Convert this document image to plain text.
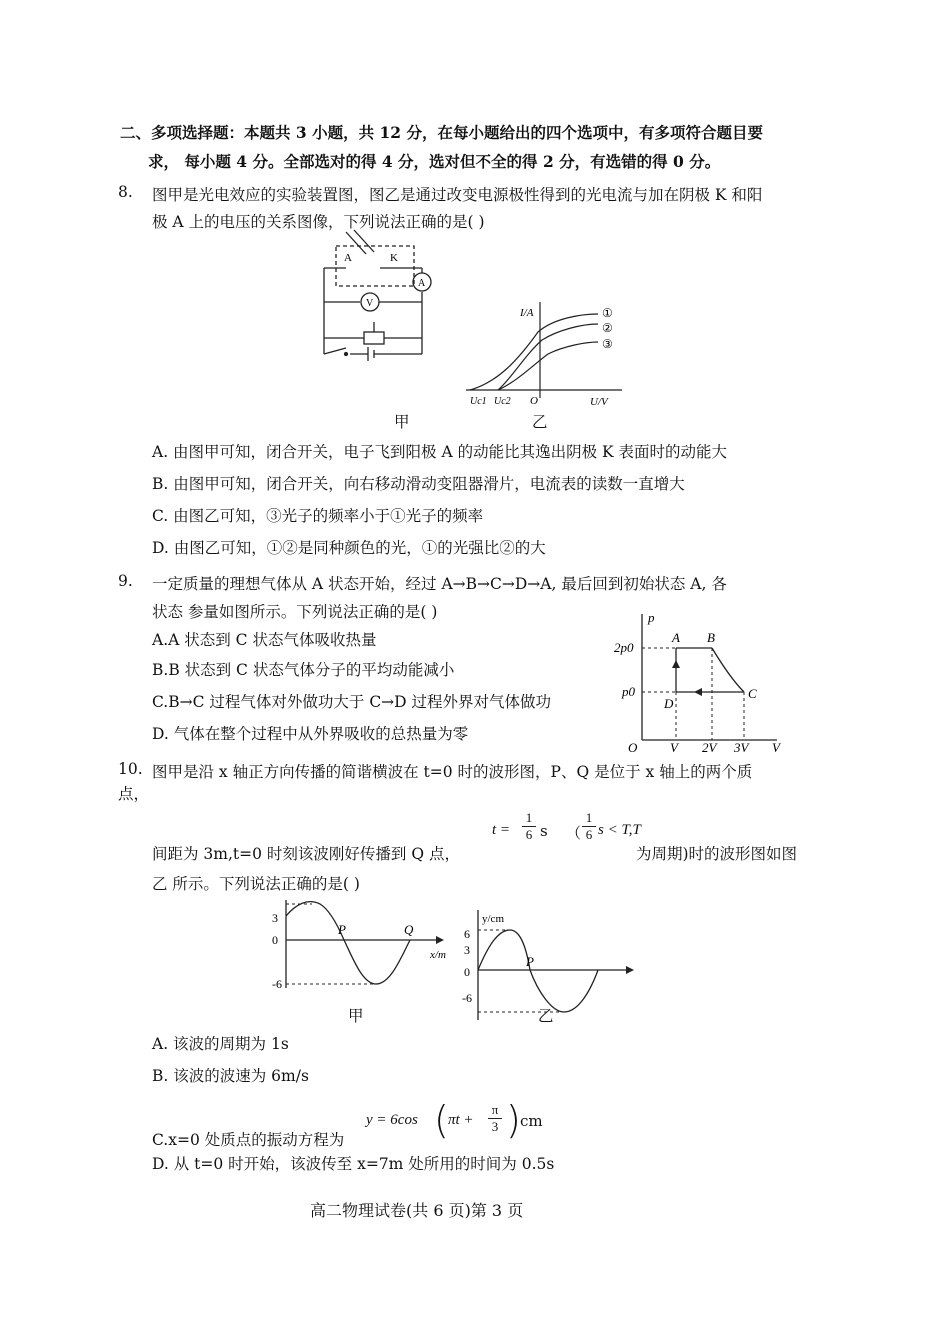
二、多项选择题：本题共 3 小题，共 12 分，在每小题给出的四个选项中，有多项符合题目要
求， 每小题 4 分。全部选对的得 4 分，选对但不全的得 2 分，有选错的得 0 分。
8. 图甲是光电效应的实验装置图，图乙是通过改变电源极性得到的光电流与加在阴极 K 和阳
极 A 上的电压的关系图像，下列说法正确的是( )
A	K
A
V
甲
I/A	①
②
③
Uc1 Uc2 O	U/V
乙
A. 由图甲可知，闭合开关，电子飞到阳极 A 的动能比其逸出阴极 K 表面时的动能大
B. 由图甲可知，闭合开关，向右移动滑动变阻器滑片，电流表的读数一直增大
C. 由图乙可知，③光子的频率小于①光子的频率
D. 由图乙可知，①②是同种颜色的光，①的光强比②的大
9. 一定质量的理想气体从 A 状态开始，经过 A→B→C→D→A, 最后回到初始状态 A, 各
状态 参量如图所示。下列说法正确的是( )
A.A 状态到 C 状态气体吸收热量
B.B 状态到 C 状态气体分子的平均动能减小
C.B→C 过程气体对外做功大于 C→D 过程外界对气体做功
D. 气体在整个过程中从外界吸收的总热量为零
p
V
O
2p0
p0
V 2V 3V
A B
C
D
10. 图甲是沿 x 轴正方向传播的简谐横波在 t=0 时的波形图，P、Q 是位于 x 轴上的两个质
点，
$t = \frac{1}{6}$ s （
1
6 s < T,T
间距为 3m,t=0 时刻该波刚好传播到 Q 点，	为周期)时的波形图如图
乙 所示。下列说法正确的是( )
3
0
-6
P	Q
x/m
甲
y/cm
6
3
0
-6
P
乙
A. 该波的周期为 1s
B. 该波的波速为 6m/s
C.x=0 处质点的振动方程为
y = 6cos ( $\pi t + \frac{\pi}{3}$ ) cm
D. 从 t=0 时开始，该波传至 x=7m 处所用的时间为 0.5s
高二物理试卷(共 6 页)第 3 页
